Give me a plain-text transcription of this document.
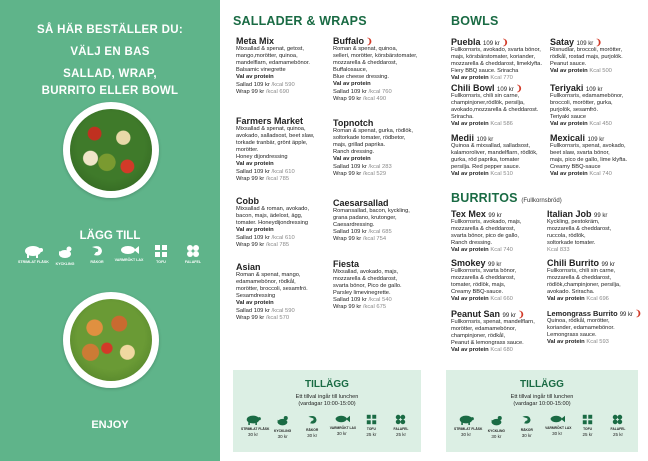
SÅ HÄR BESTÄLLER DU:
VÄLJ EN BAS
SALLAD, WRAP,
BURRITO ELLER BOWL
LÄGG TILL
STRIMLAT FLÄSK	KYCKLING	RÄKOR	VARMRÖKT LAX	TOFU	FALAFEL
ENJOY
SALLADER & WRAPS
Meta Mix
Mixsallad & spenat, getost,
mango,morötter, quinoa,
mandelflarn, edamamebönor.
Balsamic vinegrette
Val av protein
Sallad 109 kr /kcal 590
Wrap 99 kr /kcal 690
Farmers Market
Mixsallad & spenat, quinoa,
avokado, salladsost, beet slaw,
torkade tranbär, grönt äpple,
morötter.
Honey dijondressing
Val av protein
Sallad 109 kr /kcal 610
Wrap 99 kr /kcal 785
Cobb
Mixsallad & roman, avokado,
bacon, majs, ädelost, ägg,
tomater. Honeydijondressing
Val av protein
Sallad 109 kr /kcal 610
Wrap 99 kr /kcal 785
Asian
Roman & spenat, mango,
edamamebönor, rödkål,
morötter, broccoli, sesamfrö.
Sesamdressing
Val av protein
Sallad 109 kr /kcal 590
Wrap 99 kr /kcal 570
Buffalo ❩
Roman & spenat, quinoa,
selleri, morötter, körsbärstomater,
mozzarella & cheddarost,
Buffalosauce,
Blue cheese dressing.
Val av protein
Sallad 109 kr /kcal 760
Wrap 99 kr /kcal 490
Topnotch
Roman & spenat, gurka, rödlök,
soltorkade tomater, rödbetor,
majs, grillad paprika.
Ranch dressing.
Val av protein
Sallad 109 kr /kcal 283
Wrap 99 kr /kcal 529
Caesarsallad
Romansallad, bacon, kyckling,
grana padano, krutonger,
Caesardressing.
Sallad 109 kr /kcal 685
Wrap 99 kr /kcal 754
Fiesta
Mixsallad, avokado, majs,
mozzarella & cheddarost,
svarta bönor, Pico de gallo.
Parsley limevinegrette.
Sallad 109 kr /kcal 540
Wrap 99 kr /kcal 675
BOWLS
Puebla 109 kr ❩
Fullkornsris, avokado, svarta bönor,
majs, körsbärstomater, koriander,
mozzarella & cheddarost, limeklyfta.
Fiery BBQ sauce. Sriracha
Val av protein Kcal 770
Chili Bowl 109 kr ❩
Fullkornsris, chili sin carne,
champinjoner,rödlök, persilja,
avokado,mozzarella & cheddarost.
Sriracha.
Val av protein Kcal 586
Medii 109 kr
Quinoa & mixsallad, salladsost,
kalamoroliver, mandelflarn, rödlök,
gurka, röd paprika, tomater
persilja. Red pepper sauce.
Val av protein Kcal 510
Satay 109 kr ❩
Risnudlar, broccoli, morötter,
rödkål, rostad majs, purjolök.
Peanut sauce.
Val av protein Kcal 500
Teriyaki 109 kr
Fullkornsris, edamamebönor,
broccoli, morötter, gurka,
purjolök, sesamfrö.
Teriyaki sauce
Val av protein Kcal 450
Mexicali 109 kr
Fullkornsris, spenat, avokado,
beet slaw, svarta bönor,
majs, pico de gallo, lime klyfta.
Creamy BBQ-sauce
Val av protein Kcal 740
BURRITOS (Fullkornsbröd)
Tex Mex 99 kr
Fullkornsris, avokado, majs,
mozzarella & cheddarost,
svarta bönor, pico de gallo,
Ranch dressing.
Val av protein Kcal 740
Smokey 99 kr
Fullkornsris, svarta bönor,
mozzarella & cheddarost,
tomater, rödlök, majs,
Creamy BBQ-sauce.
Val av protein Kcal 660
Peanut San 99 kr ❩
Fullkornsris, spenat, mandelflarn,
morötter, edamamebönor,
champinjoner, rödkål,
Peanut & lemongrass sauce.
Val av protein Kcal 680
Italian Job 99 kr
Kyckling, pestokräm,
mozzarella & cheddarost,
ruccola, rödlök,
soltorkade tomater.
Kcal 833
Chili Burrito 99 kr
Fullkornsris, chili sin carne,
mozzarella & cheddarost,
rödlök,champinjoner, persilja,
avokado. Sriracha.
Val av protein Kcal 696
Lemongrass Burrito 99 kr ❩
Quinoa, rödkål, morötter,
koriander, edamamebönor.
Lemongrass sauce.
Val av protein Kcal 593
TILLÄGG
Ett tillval ingår till lunchen
(vardagar 10:00-15:00)
STRIMLAT FLÄSK
30 kr
KYCKLING
30 kr
RÄKOR
30 kr
VARMRÖKT LAX
30 kr
TOFU
25 kr
FALAFEL
25 kr
TILLÄGG
Ett tillval ingår till lunchen
(vardagar 10:00-15:00)
STRIMLAT FLÄSK
30 kr
KYCKLING
30 kr
RÄKOR
30 kr
VARMRÖKT LAX
30 kr
TOFU
25 kr
FALAFEL
25 kr
